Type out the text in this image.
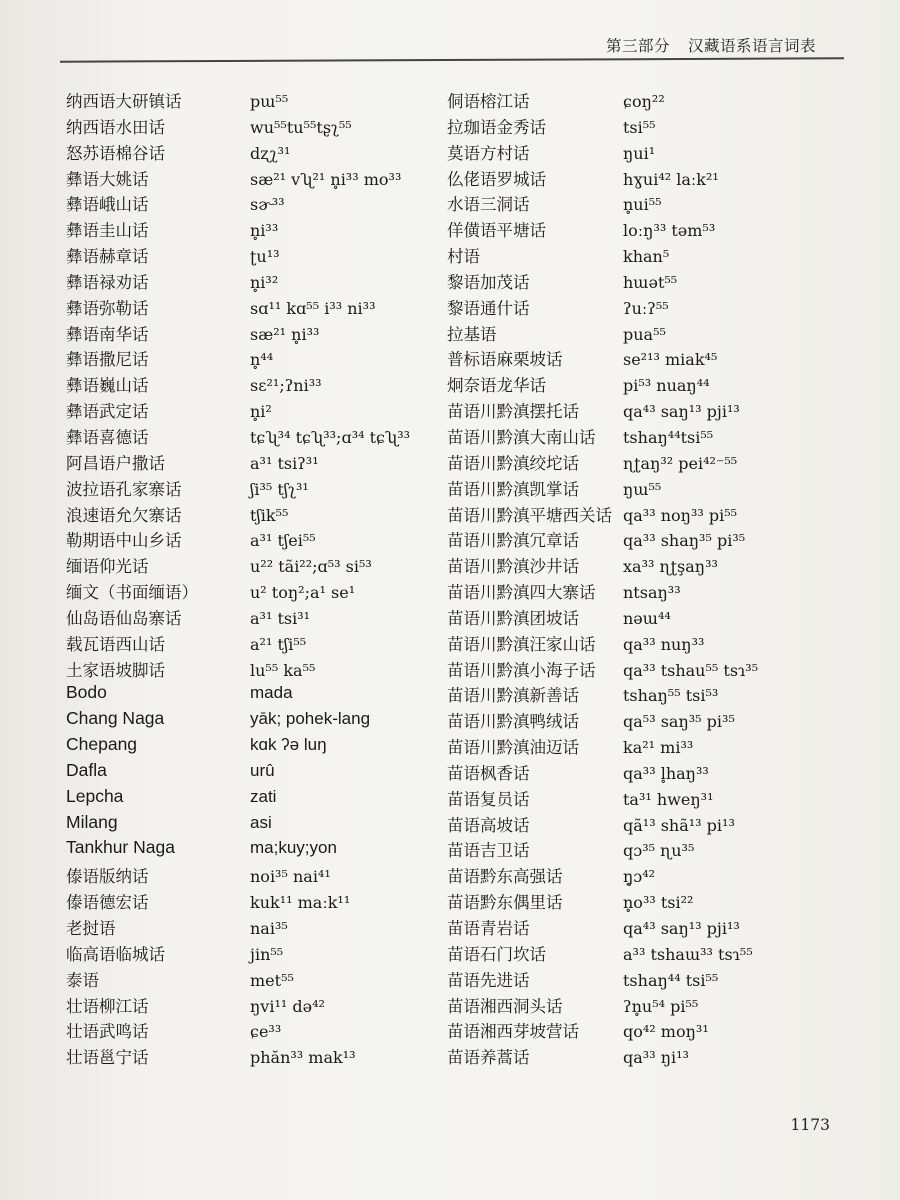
第三部分 汉藏语系语言词表
纳西语大研镇话	pɯ⁵⁵
纳西语水田话	wu⁵⁵tu⁵⁵tʂʅ⁵⁵
怒苏语棉谷话	dʐʅ³¹
彝语大姚话	sæ²¹ vʯ²¹ n̥i³³ mo³³
彝语峨山话	sɚ³³
彝语圭山话	n̥i³³
彝语赫章话	ʈu¹³
彝语禄劝话	n̥i³²
彝语弥勒话	sɑ¹¹ kɑ⁵⁵ i³³ ni³³
彝语南华话	sæ²¹ n̥i³³
彝语撒尼话	n̥⁴⁴
彝语巍山话	sɛ²¹;ʔni³³
彝语武定话	n̥i²
彝语喜德话	tɕʯ³⁴ tɕʯ³³;ɑ³⁴ tɕʯ³³
阿昌语户撒话	a³¹ tsiʔ³¹
波拉语孔家寨话	ʃi³⁵ tʃʅ³¹
浪速语允欠寨话	tʃik⁵⁵
勒期语中山乡话	a³¹ tʃei⁵⁵
缅语仰光话	u²² tãi²²;ɑ⁵³ si⁵³
缅文（书面缅语）	u² toŋ²;a¹ se¹
仙岛语仙岛寨话	a³¹ tsi³¹
载瓦语西山话	a²¹ tʃi⁵⁵
土家语坡脚话	lu⁵⁵ ka⁵⁵
Bodo	mada
Chang Naga	yāk; pohek-lang
Chepang	kɑk ʔə luŋ
Dafla	urû
Lepcha	zati
Milang	asi
Tankhur Naga	ma;kuy;yon
傣语版纳话	noi³⁵ nai⁴¹
傣语德宏话	kuk¹¹ maːk¹¹
老挝语	nai³⁵
临高语临城话	jin⁵⁵
泰语	met⁵⁵
壮语柳江话	ŋvi¹¹ də⁴²
壮语武鸣话	ɕe³³
壮语邕宁话	phăn³³ mak¹³
侗语榕江话	ɕoŋ²²
拉珈语金秀话	tsi⁵⁵
莫语方村话	ŋui¹
仫佬语罗城话	hɣui⁴² laːk²¹
水语三洞话	n̥ui⁵⁵
佯僙语平塘话	loːŋ³³ təm⁵³
村语	khan⁵
黎语加茂话	hɯət⁵⁵
黎语通什话	ʔuːʔ⁵⁵
拉基语	pua⁵⁵
普标语麻栗坡话	se²¹³ miak⁴⁵
炯奈语龙华话	pi⁵³ nuaŋ⁴⁴
苗语川黔滇摆托话	qa⁴³ saŋ¹³ pji¹³
苗语川黔滇大南山话	tshaŋ⁴⁴tsi⁵⁵
苗语川黔滇绞坨话	ɳʈaŋ³² pei⁴²⁻⁵⁵
苗语川黔滇凯掌话	ŋɯ⁵⁵
苗语川黔滇平塘西关话 qa³³ noŋ³³ pi⁵⁵
苗语川黔滇冗章话	qa³³ shaŋ³⁵ pi³⁵
苗语川黔滇沙井话	xa³³ ɳʈşaŋ³³
苗语川黔滇四大寨话	ntsaŋ³³
苗语川黔滇团坡话	nəɯ⁴⁴
苗语川黔滇汪家山话	qa³³ nuŋ³³
苗语川黔滇小海子话	qa³³ tshau⁵⁵ tsɿ³⁵
苗语川黔滇新善话	tshaŋ⁵⁵ tsi⁵³
苗语川黔滇鸭绒话	qa⁵³ saŋ³⁵ pi³⁵
苗语川黔滇油迈话	ka²¹ mi³³
苗语枫香话	qa³³ l̥haŋ³³
苗语复员话	ta³¹ hweŋ³¹
苗语高坡话	qã¹³ shã¹³ pi¹³
苗语吉卫话	qɔ³⁵ ɳu³⁵
苗语黔东高强话	ŋ̥ɔ⁴²
苗语黔东偶里话	n̥o³³ tsi²²
苗语青岩话	qa⁴³ saŋ¹³ pji¹³
苗语石门坎话	a³³ tshaɯ³³ tsɿ⁵⁵
苗语先进话	tshaŋ⁴⁴ tsi⁵⁵
苗语湘西洞头话	ʔn̥u⁵⁴ pi⁵⁵
苗语湘西芽坡营话	qo⁴² moŋ³¹
苗语养蒿话	qa³³ ŋi¹³
1173
